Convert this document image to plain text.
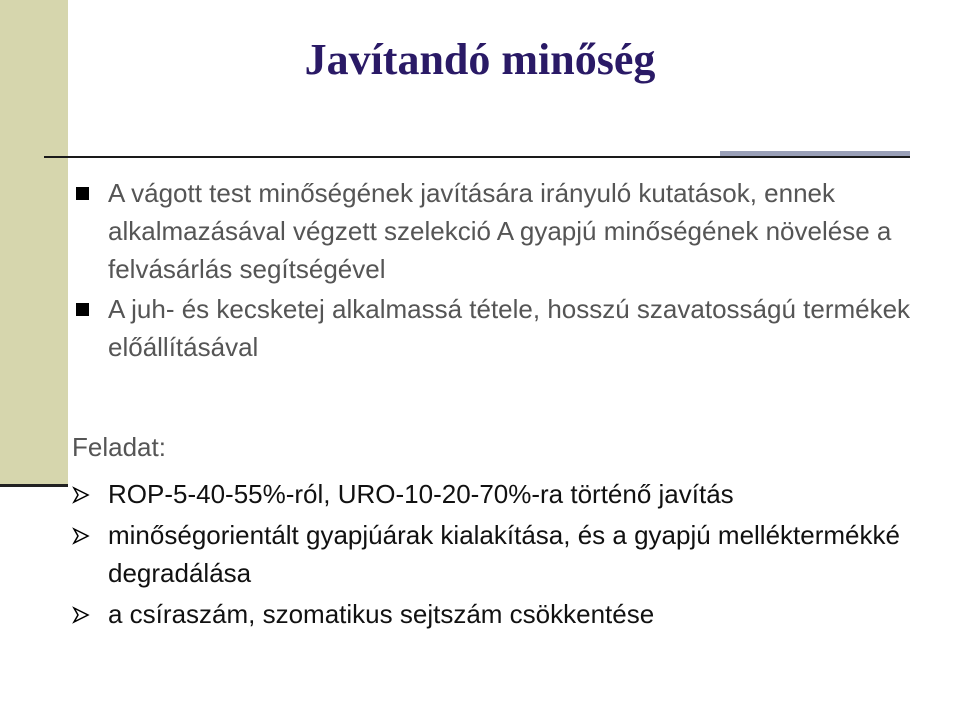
Javítandó minőség
A vágott test minőségének javítására irányuló kutatások, ennek alkalmazásával végzett szelekció A gyapjú minőségének növelése a felvásárlás segítségével
A juh- és kecsketej alkalmassá tétele, hosszú szavatosságú termékek előállításával

Feladat:

ROP-5-40-55%-ról, URO-10-20-70%-ra történő javítás
minőségorientált gyapjúárak kialakítása, és a gyapjú melléktermékké degradálása
a csíraszám, szomatikus sejtszám csökkentése
